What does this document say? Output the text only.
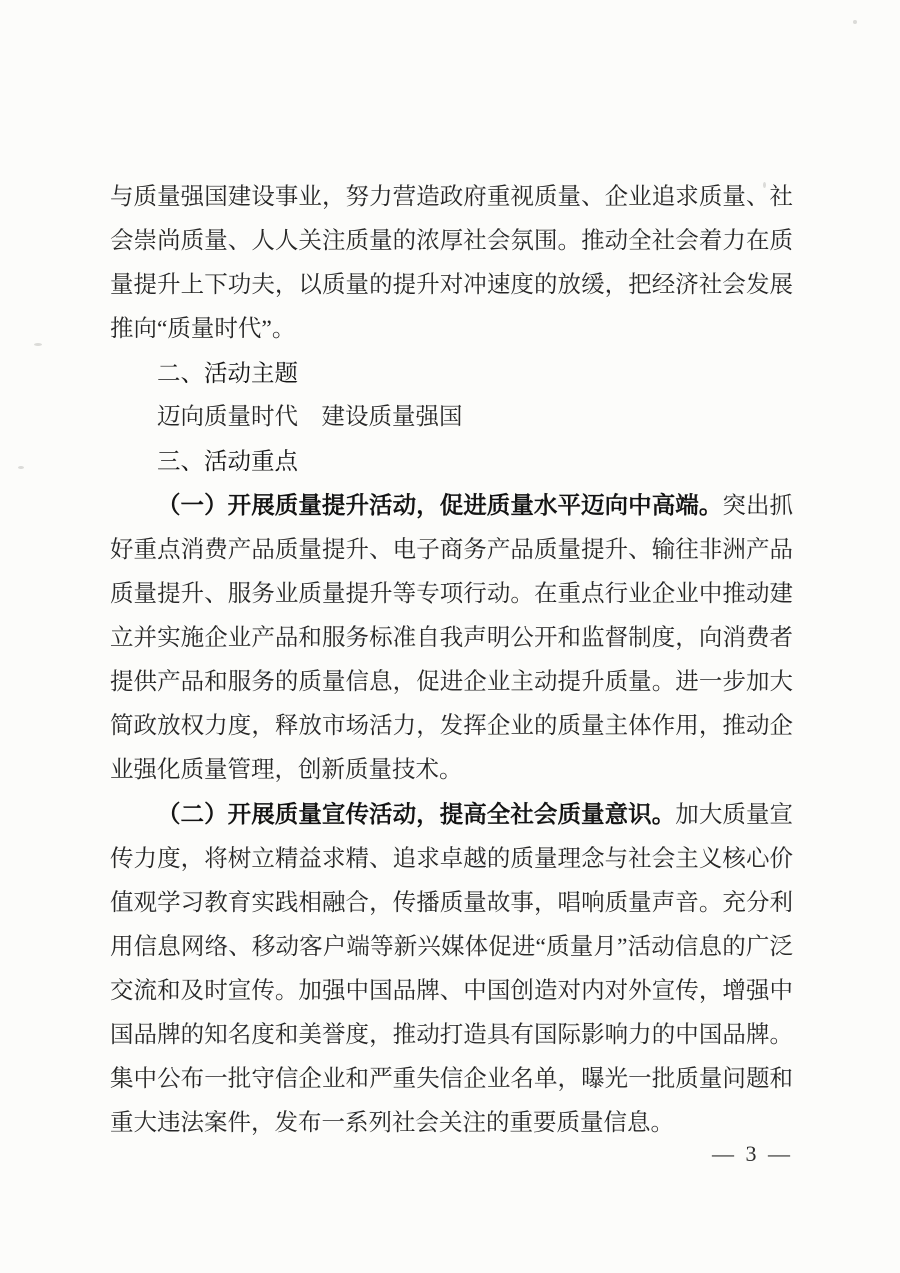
与质量强国建设事业，努力营造政府重视质量、企业追求质量、社会崇尚质量、人人关注质量的浓厚社会氛围。推动全社会着力在质量提升上下功夫，以质量的提升对冲速度的放缓，把经济社会发展推向“质量时代”。

二、活动主题

迈向质量时代　建设质量强国

三、活动重点

（一）开展质量提升活动，促进质量水平迈向中高端。突出抓好重点消费产品质量提升、电子商务产品质量提升、输往非洲产品质量提升、服务业质量提升等专项行动。在重点行业企业中推动建立并实施企业产品和服务标准自我声明公开和监督制度，向消费者提供产品和服务的质量信息，促进企业主动提升质量。进一步加大简政放权力度，释放市场活力，发挥企业的质量主体作用，推动企业强化质量管理，创新质量技术。

（二）开展质量宣传活动，提高全社会质量意识。加大质量宣传力度，将树立精益求精、追求卓越的质量理念与社会主义核心价值观学习教育实践相融合，传播质量故事，唱响质量声音。充分利用信息网络、移动客户端等新兴媒体促进“质量月”活动信息的广泛交流和及时宣传。加强中国品牌、中国创造对内对外宣传，增强中国品牌的知名度和美誉度，推动打造具有国际影响力的中国品牌。集中公布一批守信企业和严重失信企业名单，曝光一批质量问题和重大违法案件，发布一系列社会关注的重要质量信息。

— 3 —
